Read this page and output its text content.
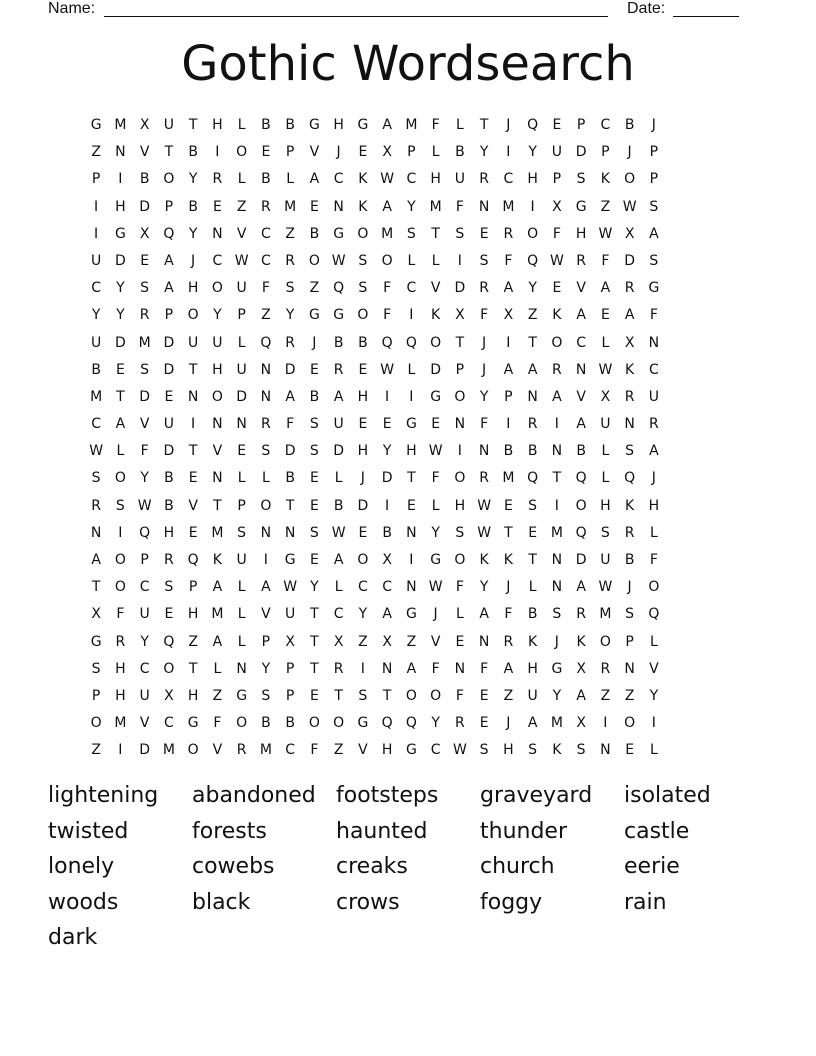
Name:	Date:
Gothic Wordsearch
G M X	U	T	H	L	B	B	G H G	A M	F	L	T	J	Q	E	P	C	B	J
Z	N	V	T	B	I	O	E	P	V	J	E	X	P	L	B	Y	I	Y	U D	P	J	P
P	I	B O	Y	R	L	B	L	A	C	K W C	H U	R	C	H	P	S	K	O	P
I	H D	P	B	E	Z	R M E	N	K	A	Y M	F	N M	I	X	G	Z W S
I	G	X Q	Y	N	V	C	Z	B	G O M S	T	S	E	R O	F	H W X	A
U D	E	A	J	C W C	R O W S	O	L	L	I	S	F	Q W R	F	D	S
C	Y	S	A	H O U	F	S	Z Q	S	F	C	V	D R	A	Y	E	V	A	R G
Y	Y	R	P	O	Y	P	Z	Y	G G O	F	I	K	X	F	X	Z	K	A	E	A	F
U D M D U	U	L	Q R	J	B	B Q Q O	T	J	I	T	O C	L	X	N
B	E	S	D	T	H U N D	E	R	E W L	D	P	J	A	A	R	N W K	C
M T	D	E	N O D N	A	B	A	H	I	I	G O	Y	P	N	A	V	X	R	U
C	A	V	U	I	N N	R	F	S	U	E	E	G	E	N	F	I	R	I	A	U N	R
W L	F	D	T	V	E	S	D	S	D H	Y	H W	I	N	B	B	N	B	L	S	A
S	O	Y	B	E	N	L	L	B	E	L	J	D	T	F	O R M Q	T	Q	L	Q	J
R	S W B	V	T	P	O	T	E	B	D	I	E	L	H W E	S	I	O H	K	H
N	I	Q H	E M S	N N	S W E	B	N	Y	S W T	E M Q	S	R	L
A O	P	R Q	K	U	I	G	E	A O X	I	G O	K	K	T	N D U	B	F
T	O C	S	P	A	L	A W Y	L	C	C	N W F	Y	J	L	N	A W	J	O
X	F	U	E	H M	L	V	U	T	C	Y	A	G	J	L	A	F	B	S	R M S	Q
G R	Y	Q Z	A	L	P	X	T	X	Z	X	Z	V	E	N	R	K	J	K	O	P	L
S	H	C O	T	L	N	Y	P	T	R	I	N	A	F	N	F	A	H G	X	R	N	V
P	H U	X	H	Z	G	S	P	E	T	S	T	O O	F	E	Z	U	Y	A	Z	Z	Y
O M V	C G	F	O B	B O O G Q Q	Y	R	E	J	A M X	I	O	I
Z	I	D M O V	R M C	F	Z	V	H G C W S	H	S	K	S	N	E	L
lightening	abandoned footsteps	graveyard	isolated
twisted	forests	haunted	thunder	castle
lonely	cowebs	creaks	church	eerie
woods	black	crows	foggy	rain
dark
